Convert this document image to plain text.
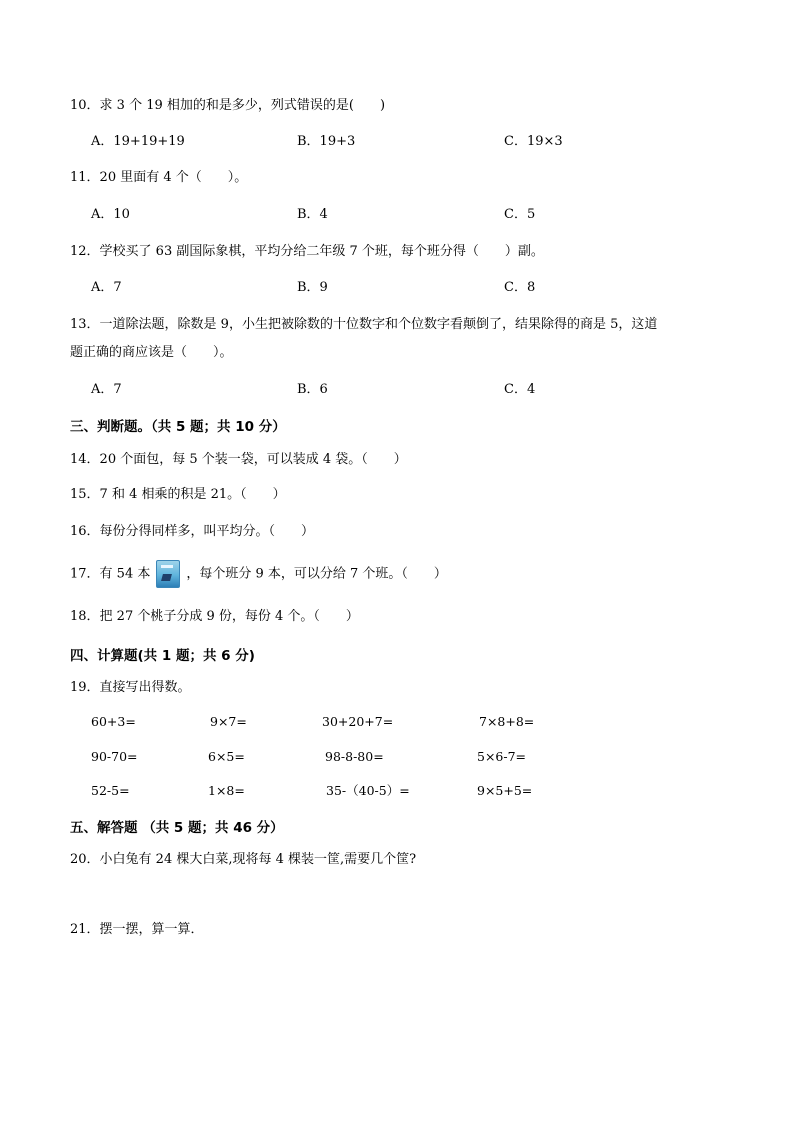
10．求 3 个 19 相加的和是多少，列式错误的是(　　)
A．19+19+19	B．19+3	C．19×3
11．20 里面有 4 个（　　）。
A．10	B．4	C．5
12．学校买了 63 副国际象棋，平均分给二年级 7 个班，每个班分得（　　）副。
A．7	B．9	C．8
13．一道除法题，除数是 9，小生把被除数的十位数字和个位数字看颠倒了，结果除得的商是 5，这道
题正确的商应该是（　　）。
A．7	B．6	C．4
三、判断题。（共 5 题；共 10 分）
14．20 个面包，每 5 个装一袋，可以装成 4 袋。（　　）
15．7 和 4 相乘的积是 21。（　　）
16．每份分得同样多，叫平均分。（　　）
17．有 54 本	，每个班分 9 本，可以分给 7 个班。（　　）
18．把 27 个桃子分成 9 份，每份 4 个。（　　）
四、计算题(共 1 题；共 6 分)
19．直接写出得数。
60+3=	9×7=	30+20+7=	7×8+8=
90-70=	6×5=	98-8-80=	5×6-7=
52-5=	1×8=	35-（40-5）=	9×5+5=
五、解答题 （共 5 题；共 46 分）
20．小白兔有 24 棵大白菜,现将每 4 棵装一筐,需要几个筐?
21．摆一摆，算一算．
